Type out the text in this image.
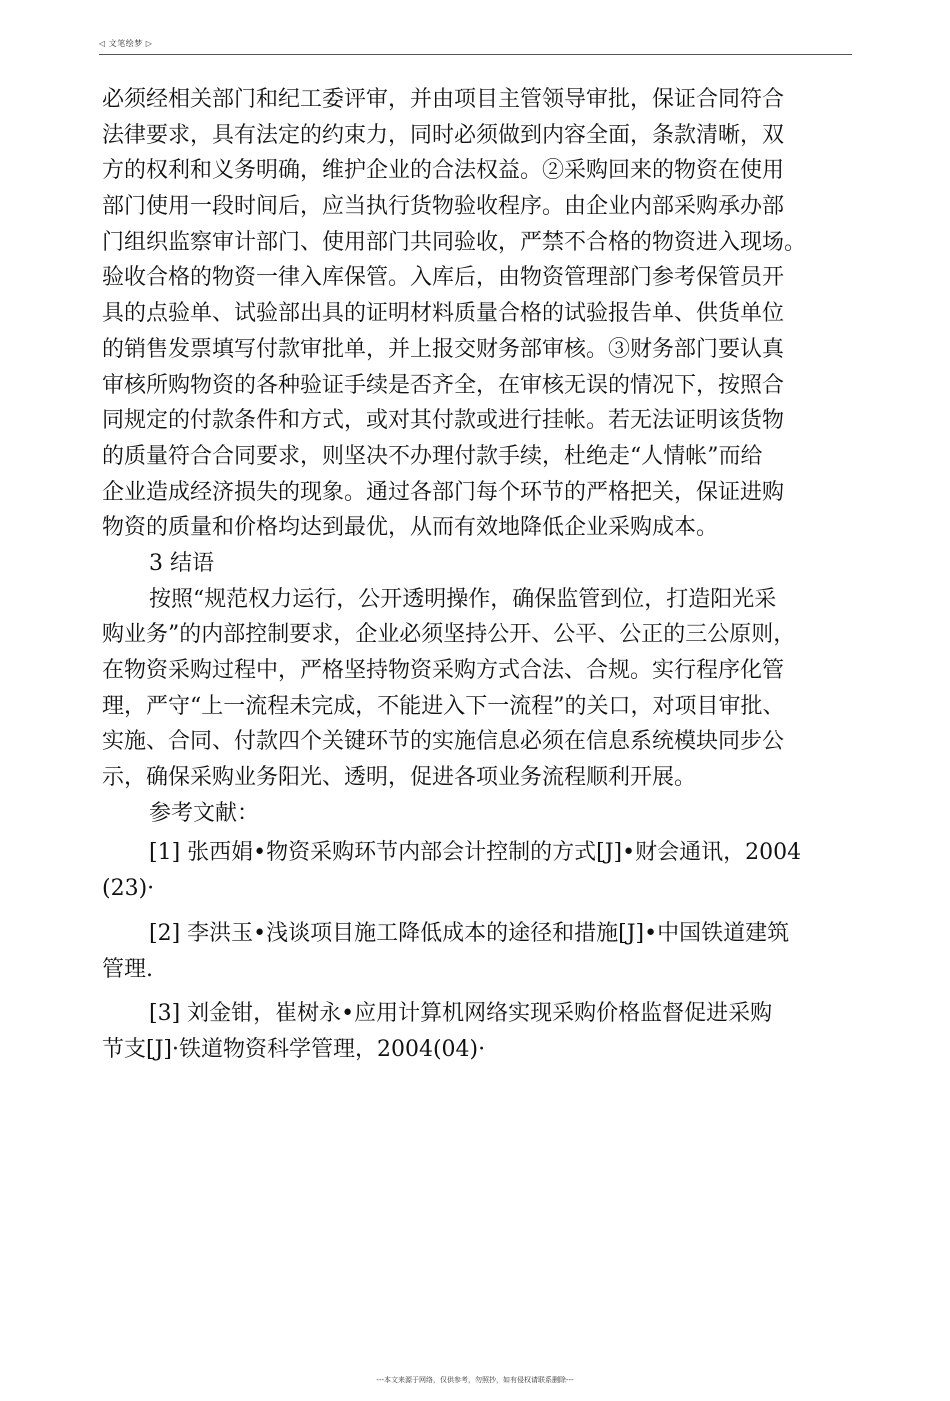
◁ 文笔绘梦 ▷
必须经相关部门和纪工委评审，并由项目主管领导审批，保证合同符合
法律要求，具有法定的约束力，同时必须做到内容全面，条款清晰，双
方的权利和义务明确，维护企业的合法权益。②采购回来的物资在使用
部门使用一段时间后，应当执行货物验收程序。由企业内部采购承办部
门组织监察审计部门、使用部门共同验收，严禁不合格的物资进入现场。
验收合格的物资一律入库保管。入库后，由物资管理部门参考保管员开
具的点验单、试验部出具的证明材料质量合格的试验报告单、供货单位
的销售发票填写付款审批单，并上报交财务部审核。③财务部门要认真
审核所购物资的各种验证手续是否齐全，在审核无误的情况下，按照合
同规定的付款条件和方式，或对其付款或进行挂帐。若无法证明该货物
的质量符合合同要求，则坚决不办理付款手续，杜绝走“人情帐”而给
企业造成经济损失的现象。通过各部门每个环节的严格把关，保证进购
物资的质量和价格均达到最优，从而有效地降低企业采购成本。
3 结语
按照“规范权力运行，公开透明操作，确保监管到位，打造阳光采
购业务”的内部控制要求，企业必须坚持公开、公平、公正的三公原则，
在物资采购过程中，严格坚持物资采购方式合法、合规。实行程序化管
理，严守“上一流程未完成，不能进入下一流程”的关口，对项目审批、
实施、合同、付款四个关键环节的实施信息必须在信息系统模块同步公
示，确保采购业务阳光、透明，促进各项业务流程顺利开展。
参考文献：
[1] 张西娟•物资采购环节内部会计控制的方式[J]•财会通讯，2004
(23)·
[2] 李洪玉•浅谈项目施工降低成本的途径和措施[J]•中国铁道建筑
管理.
[3] 刘金钳，崔树永•应用计算机网络实现采购价格监督促进采购
节支[J]·铁道物资科学管理，2004(04)·
---本文来源于网络，仅供参考，勿照抄，如有侵权请联系删除---
